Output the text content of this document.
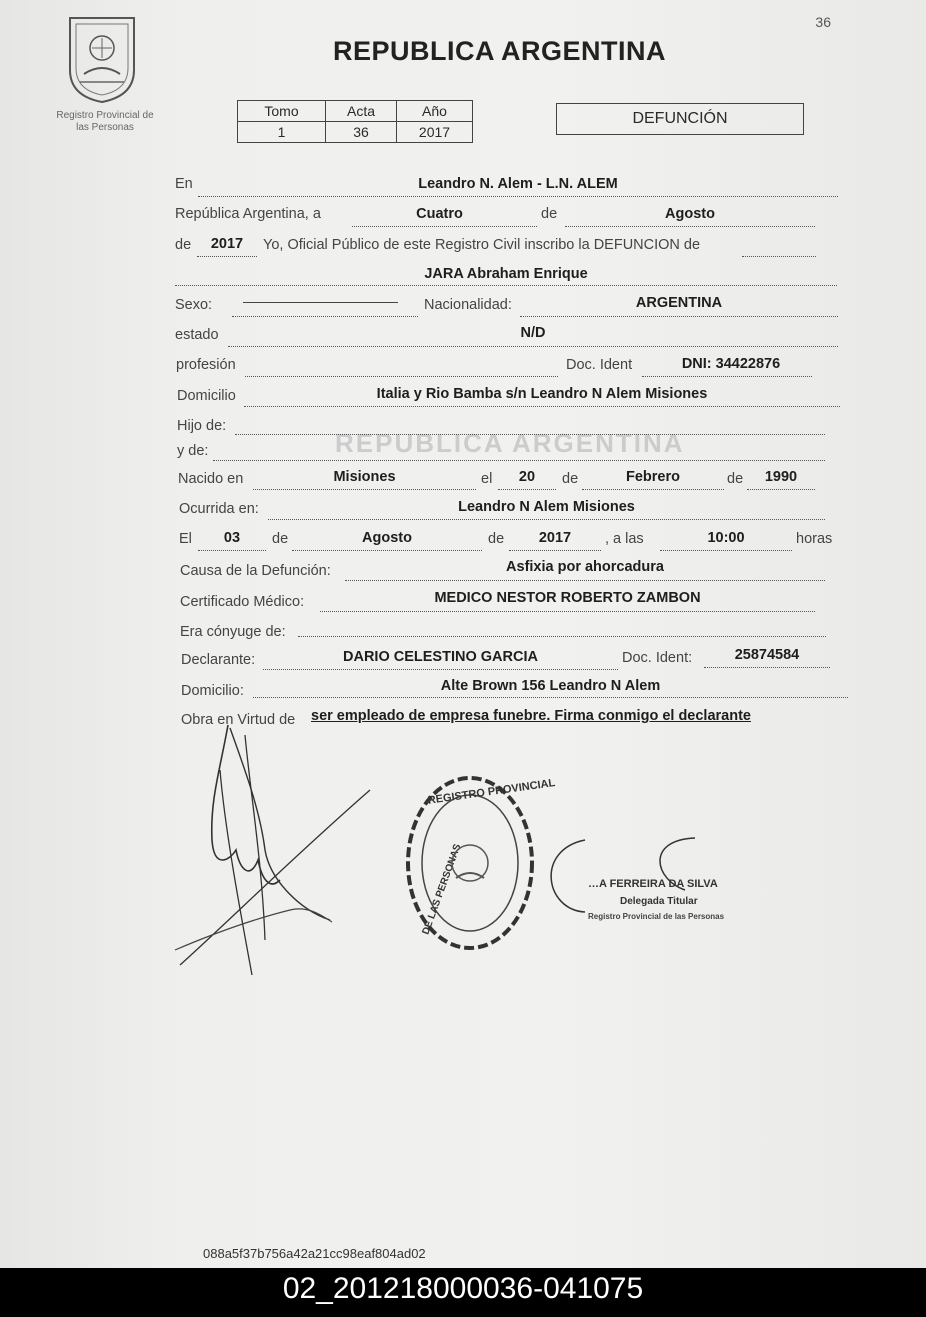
36
Registro Provincial de
las Personas
REPUBLICA ARGENTINA
Tomo	Acta	Año
1	36	2017
DEFUNCIÓN
En	Leandro N. Alem - L.N. ALEM
República Argentina, a	Cuatro	de	Agosto
de	2017	Yo, Oficial Público de este Registro Civil inscribo la DEFUNCION de
JARA Abraham Enrique
Sexo:	Nacionalidad:	ARGENTINA
estado	N/D
profesión	Doc. Ident	DNI: 34422876
Domicilio	Italia y Rio Bamba s/n Leandro N Alem Misiones
REPUBLICA ARGENTINA
Hijo de:
y de:
Nacido en	Misiones	el	20	de	Febrero	de	1990
Ocurrida en:	Leandro N Alem Misiones
El	03	de	Agosto	de	2017	, a las	10:00	horas
Causa de la Defunción:	Asfixia por ahorcadura
Certificado Médico:	MEDICO NESTOR ROBERTO ZAMBON
Era cónyuge de:
Declarante:	DARIO CELESTINO GARCIA	Doc. Ident:	25874584
Domicilio:	Alte Brown 156 Leandro N Alem
Obra en Virtud de ser empleado de empresa funebre. Firma conmigo el declarante
REGISTRO PROVINCIAL
DE LAS PERSONAS	…A FERREIRA DA SILVA
Delegada Titular
Registro Provincial de las Personas
088a5f37b756a42a21cc98eaf804ad02
02_201218000036-041075
